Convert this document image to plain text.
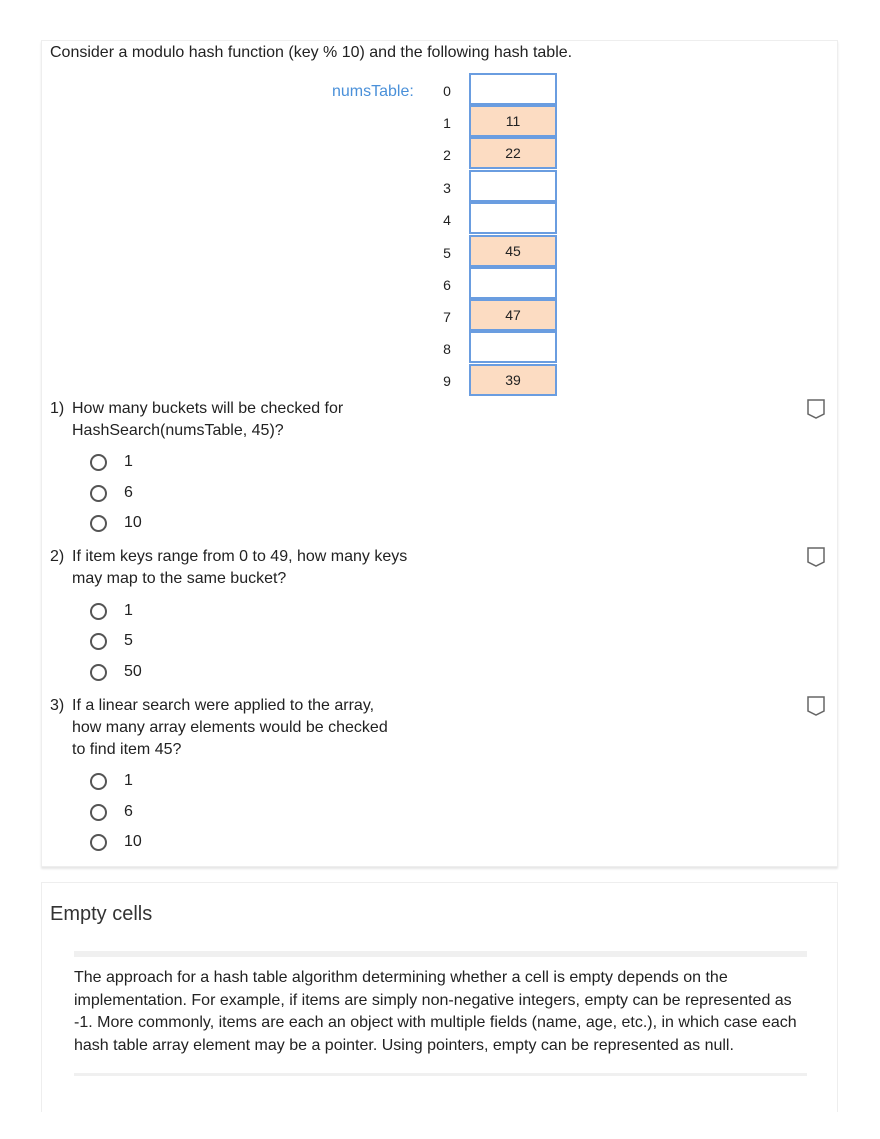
Consider a modulo hash function (key % 10) and the following hash table.
numsTable: 0
1	11
2	22
3
4
5	45
6
7	47
8
9	39
1) How many buckets will be checked for HashSearch(numsTable, 45)?
1
6
10
2) If item keys range from 0 to 49, how many keys may map to the same bucket?
1
5
50
3) If a linear search were applied to the array, how many array elements would be checked to find item 45?
1
6
10
Empty cells
The approach for a hash table algorithm determining whether a cell is empty depends on the implementation. For example, if items are simply non-negative integers, empty can be represented as -1. More commonly, items are each an object with multiple fields (name, age, etc.), in which case each hash table array element may be a pointer. Using pointers, empty can be represented as null.
